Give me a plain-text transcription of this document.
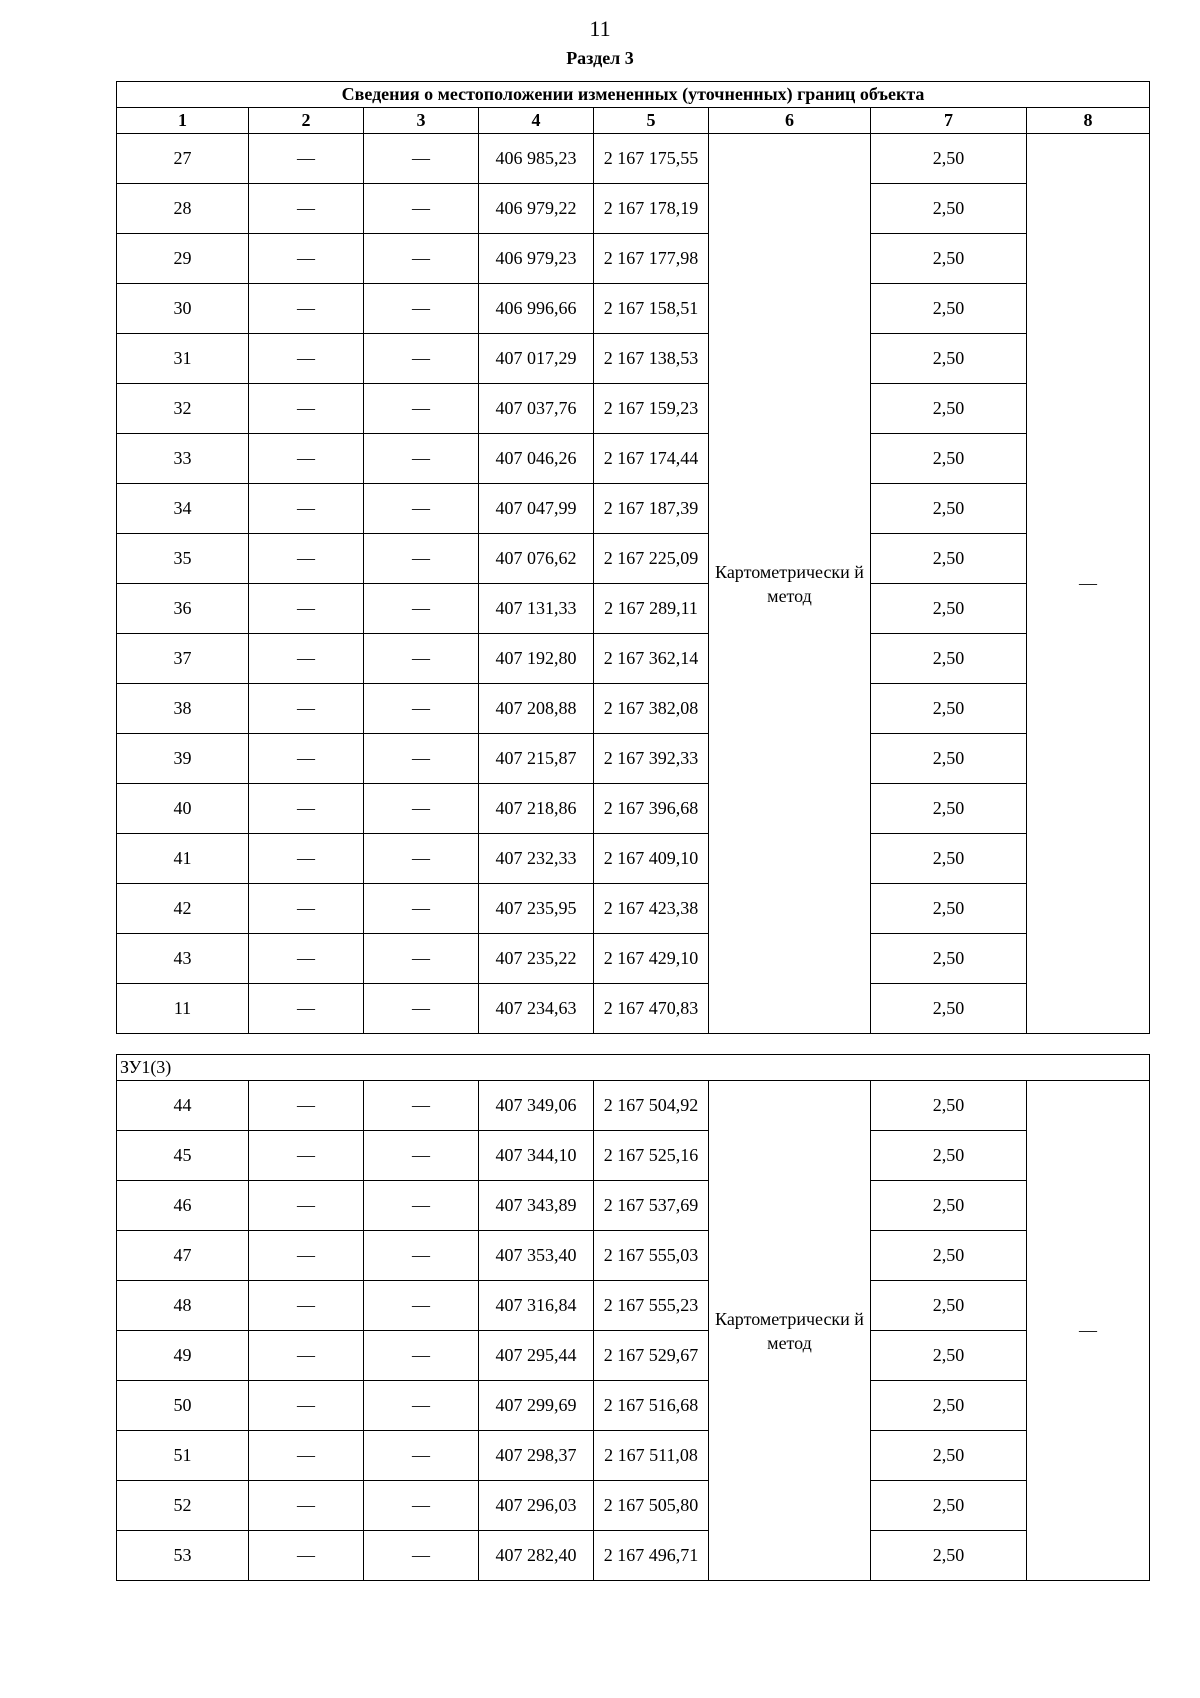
11
Раздел 3
Сведения о местоположении измененных (уточненных) границ объекта							
1	2	3	4	5	6	7	8
27	—	—	406 985,23	2 167 175,55	Картометрически й метод	2,50	—
28	—	—	406 979,22	2 167 178,19		2,50	
29	—	—	406 979,23	2 167 177,98		2,50	
30	—	—	406 996,66	2 167 158,51		2,50	
31	—	—	407 017,29	2 167 138,53		2,50	
32	—	—	407 037,76	2 167 159,23		2,50	
33	—	—	407 046,26	2 167 174,44		2,50	
34	—	—	407 047,99	2 167 187,39		2,50	
35	—	—	407 076,62	2 167 225,09		2,50	
36	—	—	407 131,33	2 167 289,11		2,50	
37	—	—	407 192,80	2 167 362,14		2,50	
38	—	—	407 208,88	2 167 382,08		2,50	
39	—	—	407 215,87	2 167 392,33		2,50	
40	—	—	407 218,86	2 167 396,68		2,50	
41	—	—	407 232,33	2 167 409,10		2,50	
42	—	—	407 235,95	2 167 423,38		2,50	
43	—	—	407 235,22	2 167 429,10		2,50	
11	—	—	407 234,63	2 167 470,83		2,50	
ЗУ1(3)							
44	—	—	407 349,06	2 167 504,92	Картометрически й метод	2,50	—
45	—	—	407 344,10	2 167 525,16		2,50	
46	—	—	407 343,89	2 167 537,69		2,50	
47	—	—	407 353,40	2 167 555,03		2,50	
48	—	—	407 316,84	2 167 555,23		2,50	
49	—	—	407 295,44	2 167 529,67		2,50	
50	—	—	407 299,69	2 167 516,68		2,50	
51	—	—	407 298,37	2 167 511,08		2,50	
52	—	—	407 296,03	2 167 505,80		2,50	
53	—	—	407 282,40	2 167 496,71		2,50	
